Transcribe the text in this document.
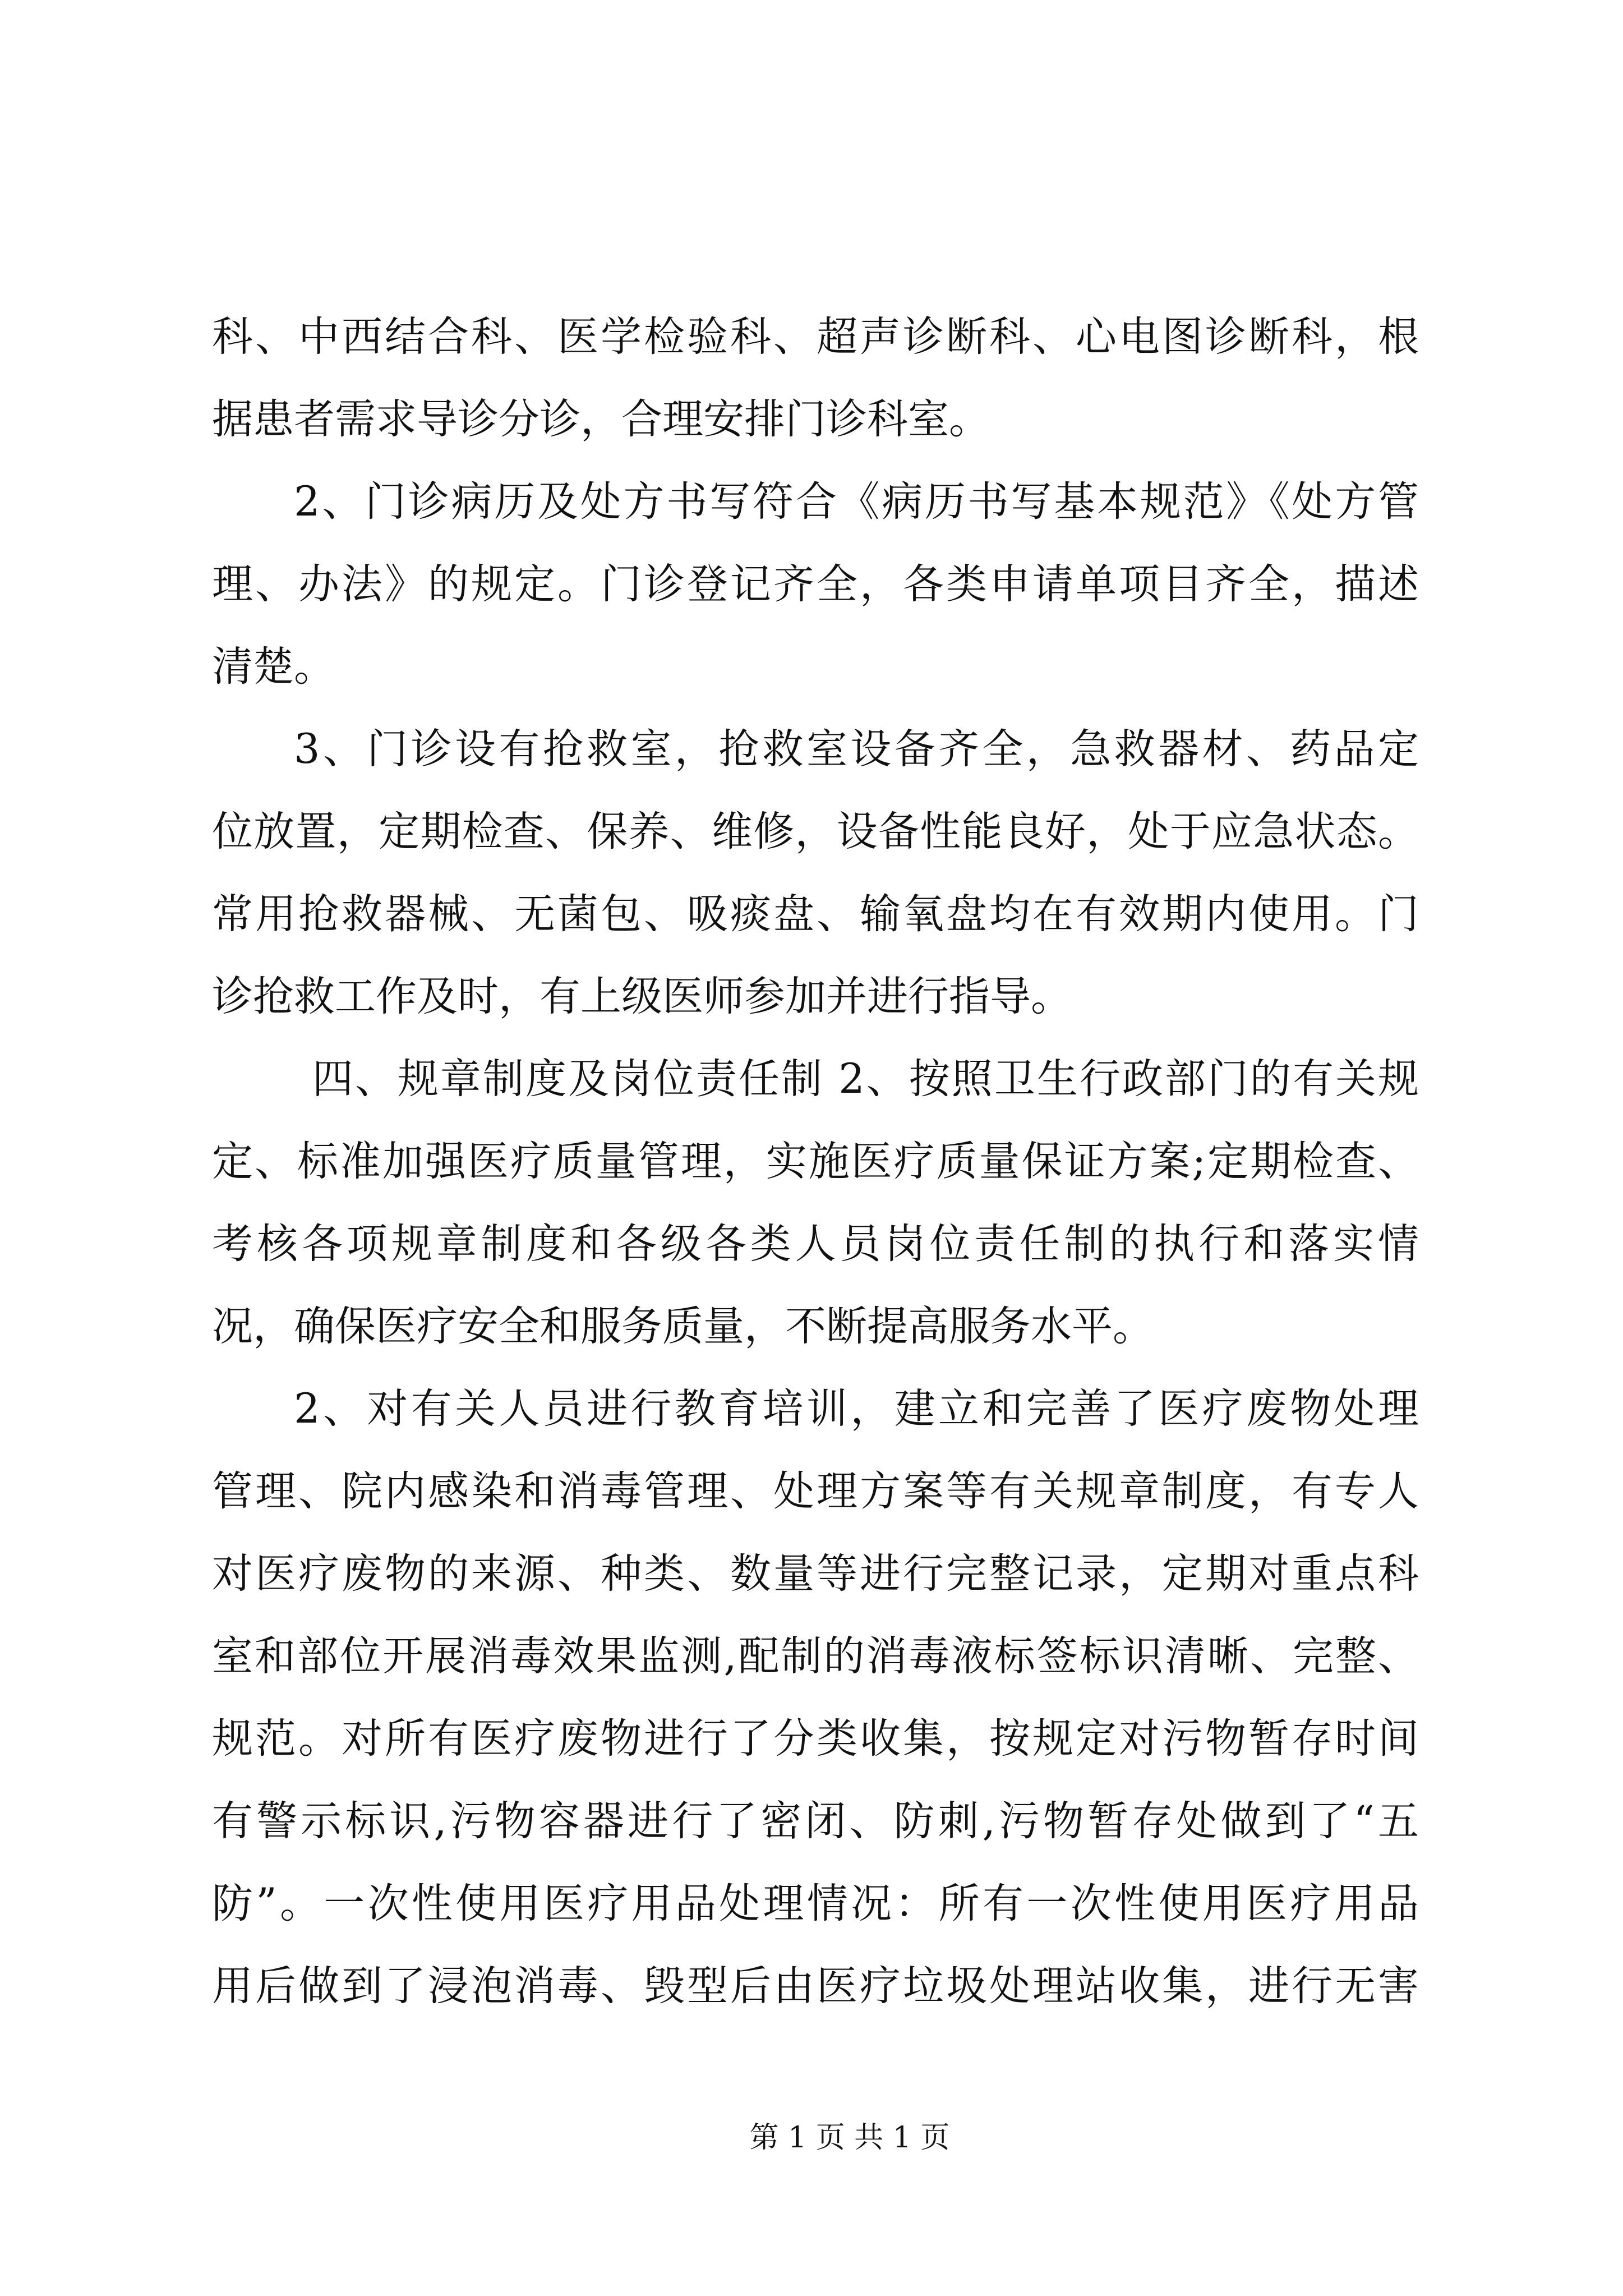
科、中西结合科、医学检验科、超声诊断科、心电图诊断科，根
据患者需求导诊分诊，合理安排门诊科室。
2、门诊病历及处方书写符合《病历书写基本规范》《处方管
理、办法》的规定。门诊登记齐全，各类申请单项目齐全，描述
清楚。
3、门诊设有抢救室，抢救室设备齐全，急救器材、药品定
位放置，定期检查、保养、维修，设备性能良好，处于应急状态。
常用抢救器械、无菌包、吸痰盘、输氧盘均在有效期内使用。门
诊抢救工作及时，有上级医师参加并进行指导。
四、规章制度及岗位责任制 2、按照卫生行政部门的有关规
定、标准加强医疗质量管理，实施医疗质量保证方案;定期检查、
考核各项规章制度和各级各类人员岗位责任制的执行和落实情
况，确保医疗安全和服务质量，不断提高服务水平。
2、对有关人员进行教育培训，建立和完善了医疗废物处理
管理、院内感染和消毒管理、处理方案等有关规章制度，有专人
对医疗废物的来源、种类、数量等进行完整记录，定期对重点科
室和部位开展消毒效果监测,配制的消毒液标签标识清晰、完整、
规范。对所有医疗废物进行了分类收集，按规定对污物暂存时间
有警示标识,污物容器进行了密闭、防刺,污物暂存处做到了“五
防”。一次性使用医疗用品处理情况：所有一次性使用医疗用品
用后做到了浸泡消毒、毁型后由医疗垃圾处理站收集，进行无害
第 1 页 共 1 页
